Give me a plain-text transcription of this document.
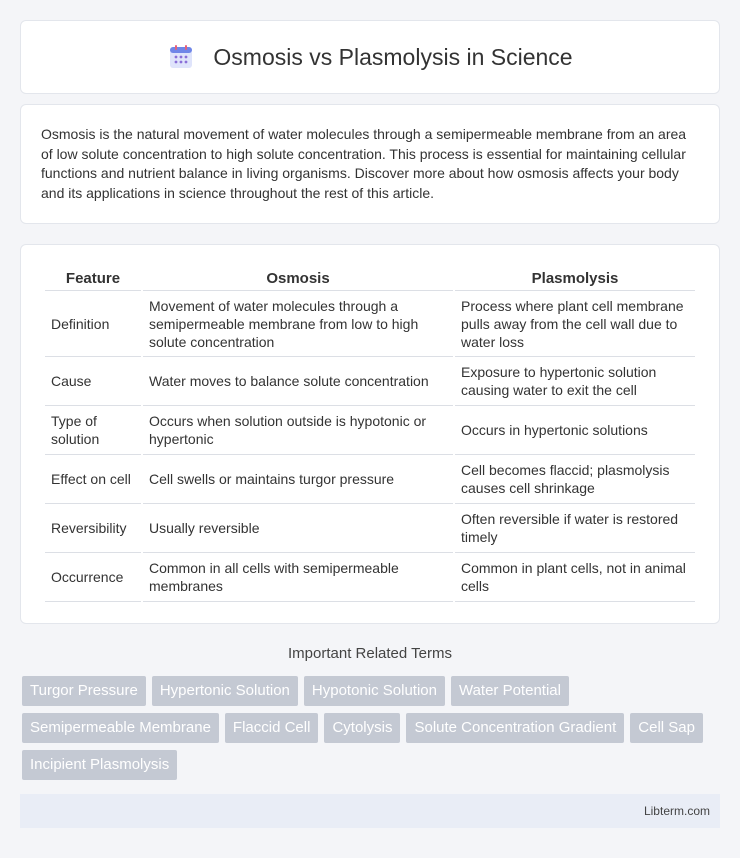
Osmosis vs Plasmolysis in Science

Osmosis is the natural movement of water molecules through a semipermeable membrane from an area of low solute concentration to high solute concentration. This process is essential for maintaining cellular functions and nutrient balance in living organisms. Discover more about how osmosis affects your body and its applications in science throughout the rest of this article.

Feature	Osmosis	Plasmolysis
Definition	Movement of water molecules through a semipermeable membrane from low to high solute concentration	Process where plant cell membrane pulls away from the cell wall due to water loss
Cause	Water moves to balance solute concentration	Exposure to hypertonic solution causing water to exit the cell
Type of solution	Occurs when solution outside is hypotonic or hypertonic	Occurs in hypertonic solutions
Effect on cell	Cell swells or maintains turgor pressure	Cell becomes flaccid; plasmolysis causes cell shrinkage
Reversibility	Usually reversible	Often reversible if water is restored timely
Occurrence	Common in all cells with semipermeable membranes	Common in plant cells, not in animal cells
Important Related Terms
Turgor Pressure	Hypertonic Solution	Hypotonic Solution	Water Potential
Semipermeable Membrane	Flaccid Cell	Cytolysis	Solute Concentration Gradient	Cell Sap
Incipient Plasmolysis
Libterm.com
